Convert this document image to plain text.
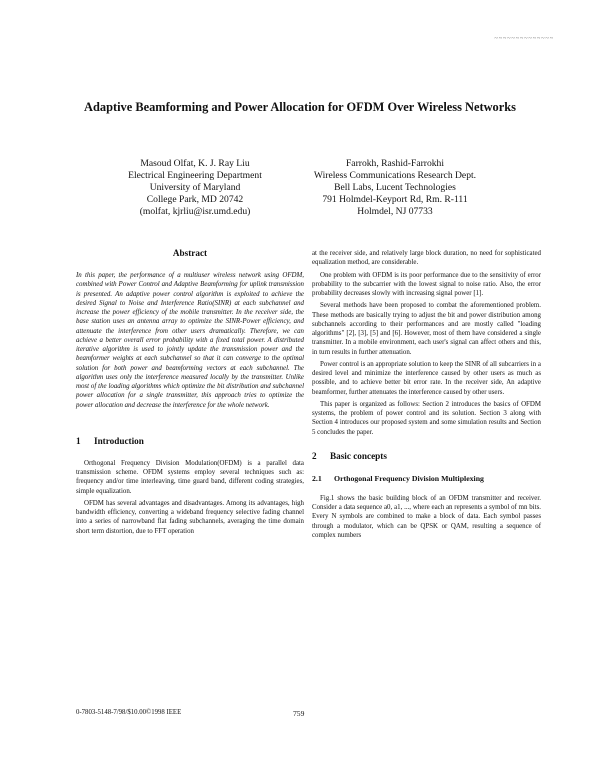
~~~~~~~~~~~~~~
Adaptive Beamforming and Power Allocation for OFDM Over Wireless Networks
Masoud Olfat, K. J. Ray Liu
Electrical Engineering Department
University of Maryland
College Park, MD 20742
(molfat, kjrliu@isr.umd.edu)
Farrokh, Rashid-Farrokhi
Wireless Communications Research Dept.
Bell Labs, Lucent Technologies
791 Holmdel-Keyport Rd, Rm. R-111
Holmdel, NJ 07733
Abstract

In this paper, the performance of a multiuser wireless network using OFDM, combined with Power Control and Adaptive Beamforming for uplink transmission is presented. An adaptive power control algorithm is exploited to achieve the desired Signal to Noise and Interference Ratio(SINR) at each subchannel and increase the power efficiency of the mobile transmitter. In the receiver side, the base station uses an antenna array to optimize the SINR-Power efficiency, and attenuate the interference from other users dramatically. Therefore, we can achieve a better overall error probability with a fixed total power. A distributed iterative algorithm is used to jointly update the transmission power and the beamformer weights at each subchannel so that it can converge to the optimal solution for both power and beamforming vectors at each subchannel. The algorithm uses only the interference measured locally by the transmitter. Unlike most of the loading algorithms which optimize the bit distribution and subchannel power allocation for a single transmitter, this approach tries to optimize the power allocation and decrease the interference for the whole network.

1 Introduction

Orthogonal Frequency Division Modulation(OFDM) is a parallel data transmission scheme. OFDM systems employ several techniques such as: frequency and/or time interleaving, time guard band, different coding strategies, simple equalization.

OFDM has several advantages and disadvantages. Among its advantages, high bandwidth efficiency, converting a wideband frequency selective fading channel into a series of narrowband flat fading subchannels, averaging the time domain short term distortion, due to FFT operation

at the receiver side, and relatively large block duration, no need for sophisticated equalization method, are considerable.

One problem with OFDM is its poor performance due to the sensitivity of error probability to the subcarrier with the lowest signal to noise ratio. Also, the error probability decreases slowly with increasing signal power [1].

Several methods have been proposed to combat the aforementioned problem. These methods are basically trying to adjust the bit and power distribution among subchannels according to their performances and are mostly called "loading algorithms" [2], [3], [5] and [6]. However, most of them have considered a single transmitter. In a mobile environment, each user's signal can affect others and this, in turn results in further attenuation.

Power control is an appropriate solution to keep the SINR of all subcarriers in a desired level and minimize the interference caused by other users as much as possible, and to achieve better bit error rate. In the receiver side, An adaptive beamformer, further attenuates the interference caused by other users.

This paper is organized as follows: Section 2 introduces the basics of OFDM systems, the problem of power control and its solution. Section 3 along with Section 4 introduces our proposed system and some simulation results and Section 5 concludes the paper.

2 Basic concepts
2.1 Orthogonal Frequency Division Multiplexing

Fig.1 shows the basic building block of an OFDM transmitter and receiver. Consider a data sequence a0, a1, ..., where each an represents a symbol of mn bits. Every N symbols are combined to make a block of data. Each symbol passes through a modulator, which can be QPSK or QAM, resulting a sequence of complex numbers

0-7803-5148-7/98/$10.00©1998 IEEE	759
